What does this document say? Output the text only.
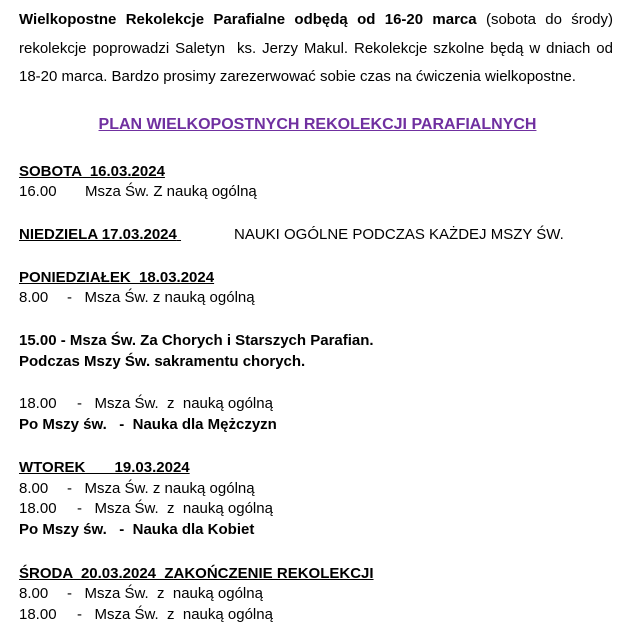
Wielkopostne Rekolekcje Parafialne odbędą od 16-20 marca (sobota do środy)
rekolekcje poprowadzi Saletyn  ks. Jerzy Makul. Rekolekcje szkolne będą w dniach od
18-20 marca. Bardzo prosimy zarezerwować sobie czas na ćwiczenia wielkopostne.
PLAN WIELKOPOSTNYCH REKOLEKCJI PARAFIALNYCH
SOBOTA  16.03.2024
16.00 Msza Św. Z nauką ogólną
NIEDZIELA 17.03.2024	NAUKI OGÓLNE PODCZAS KAŻDEJ MSZY ŚW.
PONIEDZIAŁEK  18.03.2024
8.00 -   Msza Św. z nauką ogólną
15.00 - Msza Św. Za Chorych i Starszych Parafian.
Podczas Mszy Św. sakramentu chorych.
18.00 -   Msza Św.  z  nauką ogólną
Po Mszy św.   -  Nauka dla Mężczyzn
WTOREK       19.03.2024
8.00 -   Msza Św. z nauką ogólną
18.00 -   Msza Św.  z  nauką ogólną
Po Mszy św.   -  Nauka dla Kobiet
ŚRODA  20.03.2024  ZAKOŃCZENIE REKOLEKCJI
8.00 -   Msza Św.  z  nauką ogólną
18.00 -   Msza Św.  z  nauką ogólną
